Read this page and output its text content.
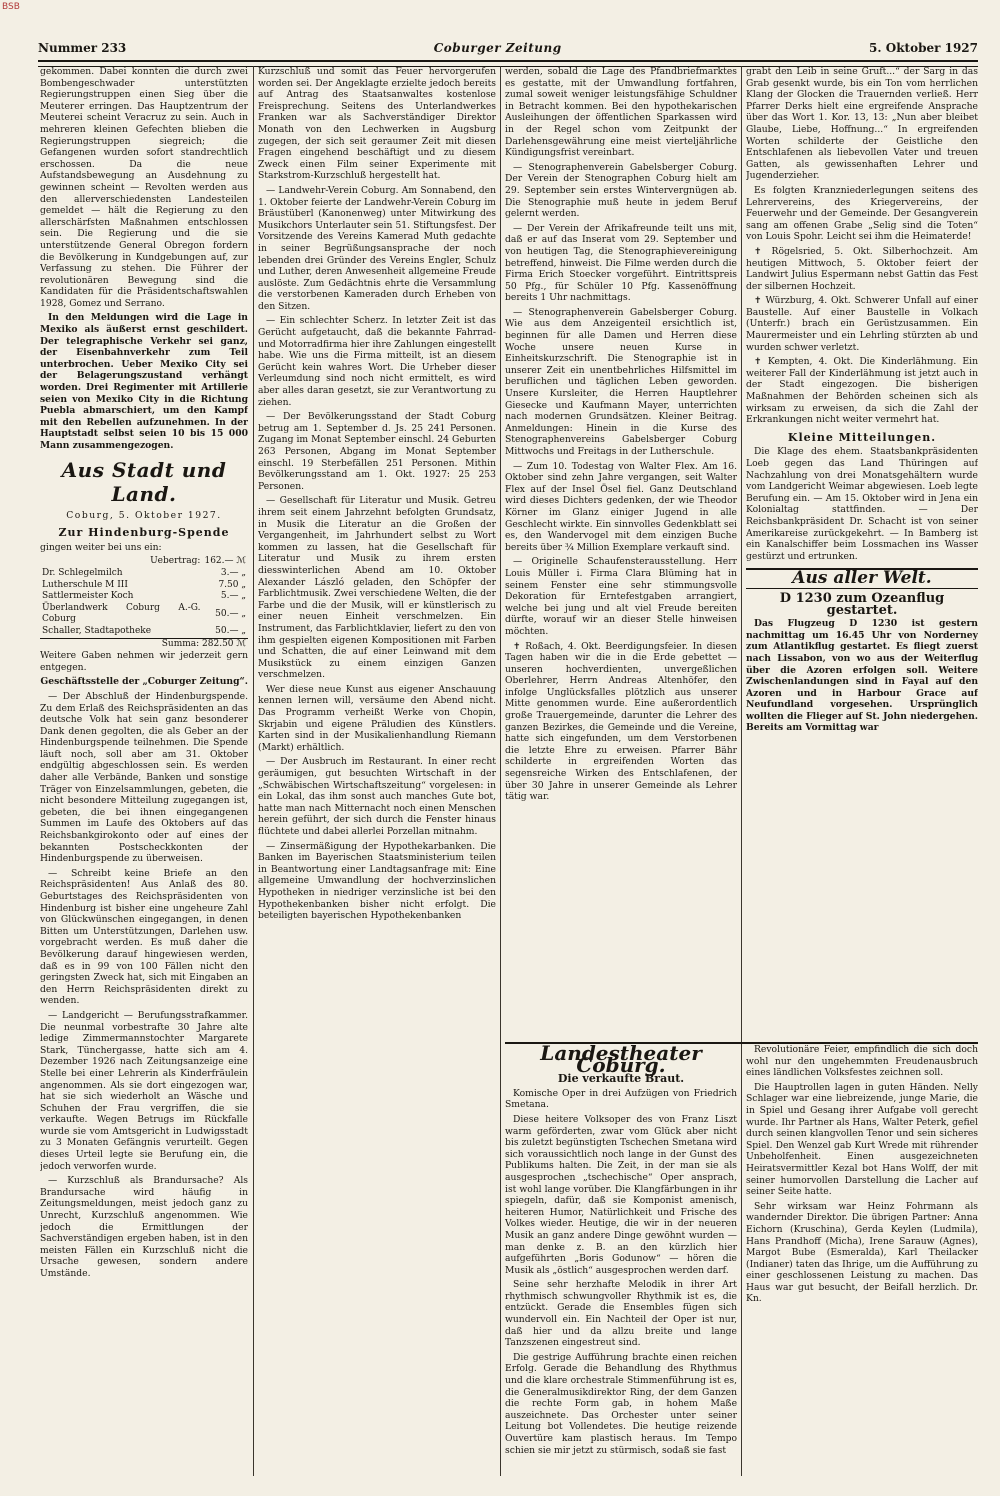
BSB
Nummer 233	Coburger Zeitung	5. Oktober 1927

gekommen. Dabei konnten die durch zwei Bombengeschwader unterstützten Regierungstruppen einen Sieg über die Meuterer erringen. Das Hauptzentrum der Meuterei scheint Veracruz zu sein. Auch in mehreren kleinen Gefechten blieben die Regierungstruppen siegreich; die Gefangenen wurden sofort standrechtlich erschossen. Da die neue Aufstandsbewegung an Ausdehnung zu gewinnen scheint — Revolten werden aus den allerverschiedensten Landesteilen gemeldet — hält die Regierung zu den allerschärfsten Maßnahmen entschlossen sein. Die Regierung und die sie unterstützende General Obregon fordern die Bevölkerung in Kundgebungen auf, zur Verfassung zu stehen. Die Führer der revolutionären Bewegung sind die Kandidaten für die Präsidentschaftswahlen 1928, Gomez und Serrano.

In den Meldungen wird die Lage in Mexiko als äußerst ernst geschildert. Der telegraphische Verkehr sei ganz, der Eisenbahnverkehr zum Teil unterbrochen. Ueber Mexiko City sei der Belagerungszustand verhängt worden. Drei Regimenter mit Artillerie seien von Mexiko City in die Richtung Puebla abmarschiert, um den Kampf mit den Rebellen aufzunehmen. In der Hauptstadt selbst seien 10 bis 15 000 Mann zusammengezogen.

Aus Stadt und Land.
Coburg, 5. Oktober 1927.
Zur Hindenburg-Spende

gingen weiter bei uns ein:

Uebertrag:	162.— ℳ
Dr. Schlegelmilch	3.— „
Lutherschule M III	7.50 „
Sattlermeister Koch	5.— „
Überlandwerk Coburg A.-G. Coburg	50.— „
Schaller, Stadtapotheke	50.— „
Summa: 282.50 ℳ	

Weitere Gaben nehmen wir jederzeit gern entgegen.

Geschäftsstelle der „Coburger Zeitung“.

— Der Abschluß der Hindenburgspende. Zu dem Erlaß des Reichspräsidenten an das deutsche Volk hat sein ganz besonderer Dank denen gegolten, die als Geber an der Hindenburgspende teilnehmen. Die Spende läuft noch, soll aber am 31. Oktober endgültig abgeschlossen sein. Es werden daher alle Verbände, Banken und sonstige Träger von Einzelsammlungen, gebeten, die nicht besondere Mitteilung zugegangen ist, gebeten, die bei ihnen eingegangenen Summen im Laufe des Oktobers auf das Reichsbankgirokonto oder auf eines der bekannten Postscheckkonten der Hindenburgspende zu überweisen.

— Schreibt keine Briefe an den Reichspräsidenten! Aus Anlaß des 80. Geburtstages des Reichspräsidenten von Hindenburg ist bisher eine ungeheure Zahl von Glückwünschen eingegangen, in denen Bitten um Unterstützungen, Darlehen usw. vorgebracht werden. Es muß daher die Bevölkerung darauf hingewiesen werden, daß es in 99 von 100 Fällen nicht den geringsten Zweck hat, sich mit Eingaben an den Herrn Reichspräsidenten direkt zu wenden.

— Landgericht — Berufungsstrafkammer. Die neunmal vorbestrafte 30 Jahre alte ledige Zimmermannstochter Margarete Stark, Tünchergasse, hatte sich am 4. Dezember 1926 nach Zeitungsanzeige eine Stelle bei einer Lehrerin als Kinderfräulein angenommen. Als sie dort eingezogen war, hat sie sich wiederholt an Wäsche und Schuhen der Frau vergriffen, die sie verkaufte. Wegen Betrugs im Rückfalle wurde sie vom Amtsgericht in Ludwigsstadt zu 3 Monaten Gefängnis verurteilt. Gegen dieses Urteil legte sie Berufung ein, die jedoch verworfen wurde.

— Kurzschluß als Brandursache? Als Brandursache wird häufig in Zeitungsmeldungen, meist jedoch ganz zu Unrecht, Kurzschluß angenommen. Wie jedoch die Ermittlungen der Sachverständigen ergeben haben, ist in den meisten Fällen ein Kurzschluß nicht die Ursache gewesen, sondern andere Umstände.

Kurzschluß und somit das Feuer hervorgerufen worden sei. Der Angeklagte erzielte jedoch bereits auf Antrag des Staatsanwaltes kostenlose Freisprechung. Seitens des Unterlandwerkes Franken war als Sachverständiger Direktor Monath von den Lechwerken in Augsburg zugegen, der sich seit geraumer Zeit mit diesen Fragen eingehend beschäftigt und zu diesem Zweck einen Film seiner Experimente mit Starkstrom-Kurzschluß hergestellt hat.

— Landwehr-Verein Coburg. Am Sonnabend, den 1. Oktober feierte der Landwehr-Verein Coburg im Bräustüberl (Kanonenweg) unter Mitwirkung des Musikchors Unterlauter sein 51. Stiftungsfest. Der Vorsitzende des Vereins Kamerad Muth gedachte in seiner Begrüßungsansprache der noch lebenden drei Gründer des Vereins Engler, Schulz und Luther, deren Anwesenheit allgemeine Freude auslöste. Zum Gedächtnis ehrte die Versammlung die verstorbenen Kameraden durch Erheben von den Sitzen.

— Ein schlechter Scherz. In letzter Zeit ist das Gerücht aufgetaucht, daß die bekannte Fahrrad- und Motorradfirma hier ihre Zahlungen eingestellt habe. Wie uns die Firma mitteilt, ist an diesem Gerücht kein wahres Wort. Die Urheber dieser Verleumdung sind noch nicht ermittelt, es wird aber alles daran gesetzt, sie zur Verantwortung zu ziehen.

— Der Bevölkerungsstand der Stadt Coburg betrug am 1. September d. Js. 25 241 Personen. Zugang im Monat September einschl. 24 Geburten 263 Personen, Abgang im Monat September einschl. 19 Sterbefällen 251 Personen. Mithin Bevölkerungsstand am 1. Okt. 1927: 25 253 Personen.

— Gesellschaft für Literatur und Musik. Getreu ihrem seit einem Jahrzehnt befolgten Grundsatz, in Musik die Literatur an die Großen der Vergangenheit, im Jahrhundert selbst zu Wort kommen zu lassen, hat die Gesellschaft für Literatur und Musik zu ihrem ersten diesswinterlichen Abend am 10. Oktober Alexander László geladen, den Schöpfer der Farblichtmusik. Zwei verschiedene Welten, die der Farbe und die der Musik, will er künstlerisch zu einer neuen Einheit verschmelzen. Ein Instrument, das Farblichtklavier, liefert zu den von ihm gespielten eigenen Kompositionen mit Farben und Schatten, die auf einer Leinwand mit dem Musikstück zu einem einzigen Ganzen verschmelzen.

Wer diese neue Kunst aus eigener Anschauung kennen lernen will, versäume den Abend nicht. Das Programm verheißt Werke von Chopin, Skrjabin und eigene Präludien des Künstlers. Karten sind in der Musikalienhandlung Riemann (Markt) erhältlich.

— Der Ausbruch im Restaurant. In einer recht geräumigen, gut besuchten Wirtschaft in der „Schwäbischen Wirtschaftszeitung“ vorgelesen: in ein Lokal, das ihm sonst auch manches Gute bot, hatte man nach Mitternacht noch einen Menschen herein geführt, der sich durch die Fenster hinaus flüchtete und dabei allerlei Porzellan mitnahm.

— Zinsermäßigung der Hypothekarbanken. Die Banken im Bayerischen Staatsministerium teilen in Beantwortung einer Landtagsanfrage mit: Eine allgemeine Umwandlung der hochverzinslichen Hypotheken in niedriger verzinsliche ist bei den Hypothekenbanken bisher nicht erfolgt. Die beteiligten bayerischen Hypothekenbanken

werden, sobald die Lage des Pfandbriefmarktes es gestatte, mit der Umwandlung fortfahren, zumal soweit weniger leistungsfähige Schuldner in Betracht kommen. Bei den hypothekarischen Ausleihungen der öffentlichen Sparkassen wird in der Regel schon vom Zeitpunkt der Darlehensgewährung eine meist vierteljährliche Kündigungsfrist vereinbart.

— Stenographenverein Gabelsberger Coburg. Der Verein der Stenographen Coburg hielt am 29. September sein erstes Wintervergnügen ab. Die Stenographie muß heute in jedem Beruf gelernt werden.

— Der Verein der Afrikafreunde teilt uns mit, daß er auf das Inserat vom 29. September und von heutigen Tag, die Stenographievereinigung betreffend, hinweist. Die Filme werden durch die Firma Erich Stoecker vorgeführt. Eintrittspreis 50 Pfg., für Schüler 10 Pfg. Kassenöffnung bereits 1 Uhr nachmittags.

— Stenographenverein Gabelsberger Coburg. Wie aus dem Anzeigenteil ersichtlich ist, beginnen für alle Damen und Herren diese Woche unsere neuen Kurse in Einheitskurzschrift. Die Stenographie ist in unserer Zeit ein unentbehrliches Hilfsmittel im beruflichen und täglichen Leben geworden. Unsere Kursleiter, die Herren Hauptlehrer Giesecke und Kaufmann Mayer, unterrichten nach modernen Grundsätzen. Kleiner Beitrag. Anmeldungen: Hinein in die Kurse des Stenographenvereins Gabelsberger Coburg Mittwochs und Freitags in der Lutherschule.

— Zum 10. Todestag von Walter Flex. Am 16. Oktober sind zehn Jahre vergangen, seit Walter Flex auf der Insel Ösel fiel. Ganz Deutschland wird dieses Dichters gedenken, der wie Theodor Körner im Glanz einiger Jugend in alle Geschlecht wirkte. Ein sinnvolles Gedenkblatt sei es, den Wandervogel mit dem einzigen Buche bereits über ¾ Million Exemplare verkauft sind.

— Originelle Schaufensterausstellung. Herr Louis Müller i. Firma Clara Blüming hat in seinem Fenster eine sehr stimmungsvolle Dekoration für Erntefestgaben arrangiert, welche bei jung und alt viel Freude bereiten dürfte, worauf wir an dieser Stelle hinweisen möchten.

✝ Roßach, 4. Okt. Beerdigungsfeier. In diesen Tagen haben wir die in die Erde gebettet — unseren hochverdienten, unvergeßlichen Oberlehrer, Herrn Andreas Altenhöfer, den infolge Unglücksfalles plötzlich aus unserer Mitte genommen wurde. Eine außerordentlich große Trauergemeinde, darunter die Lehrer des ganzen Bezirkes, die Gemeinde und die Vereine, hatte sich eingefunden, um dem Verstorbenen die letzte Ehre zu erweisen. Pfarrer Bähr schilderte in ergreifenden Worten das segensreiche Wirken des Entschlafenen, der über 30 Jahre in unserer Gemeinde als Lehrer tätig war.

grabt den Leib in seine Gruft...“ der Sarg in das Grab gesenkt wurde, bis ein Ton vom herrlichen Klang der Glocken die Trauernden verließ. Herr Pfarrer Derks hielt eine ergreifende Ansprache über das Wort 1. Kor. 13, 13: „Nun aber bleibet Glaube, Liebe, Hoffnung...“ In ergreifenden Worten schilderte der Geistliche den Entschlafenen als liebevollen Vater und treuen Gatten, als gewissenhaften Lehrer und Jugenderzieher.

Es folgten Kranzniederlegungen seitens des Lehrervereins, des Kriegervereins, der Feuerwehr und der Gemeinde. Der Gesangverein sang am offenen Grabe „Selig sind die Toten“ von Louis Spohr. Leicht sei ihm die Heimaterde!

✝ Rögelsried, 5. Okt. Silberhochzeit. Am heutigen Mittwoch, 5. Oktober feiert der Landwirt Julius Espermann nebst Gattin das Fest der silbernen Hochzeit.

✝ Würzburg, 4. Okt. Schwerer Unfall auf einer Baustelle. Auf einer Baustelle in Volkach (Unterfr.) brach ein Gerüstzusammen. Ein Maurermeister und ein Lehrling stürzten ab und wurden schwer verletzt.

✝ Kempten, 4. Okt. Die Kinderlähmung. Ein weiterer Fall der Kinderlähmung ist jetzt auch in der Stadt eingezogen. Die bisherigen Maßnahmen der Behörden scheinen sich als wirksam zu erweisen, da sich die Zahl der Erkrankungen nicht weiter vermehrt hat.

Kleine Mitteilungen.

Die Klage des ehem. Staatsbankpräsidenten Loeb gegen das Land Thüringen auf Nachzahlung von drei Monatsgehältern wurde vom Landgericht Weimar abgewiesen. Loeb legte Berufung ein. — Am 15. Oktober wird in Jena ein Kolonialtag stattfinden. — Der Reichsbankpräsident Dr. Schacht ist von seiner Amerikareise zurückgekehrt. — In Bamberg ist ein Kanalschiffer beim Lossmachen ins Wasser gestürzt und ertrunken.

Aus aller Welt.
D 1230 zum Ozeanflug gestartet.

Das Flugzeug D 1230 ist gestern nachmittag um 16.45 Uhr von Norderney zum Atlantikflug gestartet. Es fliegt zuerst nach Lissabon, von wo aus der Weiterflug über die Azoren erfolgen soll. Weitere Zwischenlandungen sind in Fayal auf den Azoren und in Harbour Grace auf Neufundland vorgesehen. Ursprünglich wollten die Flieger auf St. John niedergehen. Bereits am Vormittag war

Landestheater Coburg.
Die verkaufte Braut.

Komische Oper in drei Aufzügen von Friedrich Smetana.

Diese heitere Volksoper des von Franz Liszt warm geförderten, zwar vom Glück aber nicht bis zuletzt begünstigten Tschechen Smetana wird sich voraussichtlich noch lange in der Gunst des Publikums halten. Die Zeit, in der man sie als ausgesprochen „tschechische“ Oper ansprach, ist wohl lange vorüber. Die Klangfärbungen in ihr spiegeln, dafür, daß sie Komponist amenisch, heiteren Humor, Natürlichkeit und Frische des Volkes wieder. Heutige, die wir in der neueren Musik an ganz andere Dinge gewöhnt wurden — man denke z. B. an den kürzlich hier aufgeführten „Boris Godunow“ — hören die Musik als „östlich“ ausgesprochen werden darf.

Seine sehr herzhafte Melodik in ihrer Art rhythmisch schwungvoller Rhythmik ist es, die entzückt. Gerade die Ensembles fügen sich wundervoll ein. Ein Nachteil der Oper ist nur, daß hier und da allzu breite und lange Tanzszenen eingestreut sind.

Die gestrige Aufführung brachte einen reichen Erfolg. Gerade die Behandlung des Rhythmus und die klare orchestrale Stimmenführung ist es, die Generalmusikdirektor Ring, der dem Ganzen die rechte Form gab, in hohem Maße auszeichnete. Das Orchester unter seiner Leitung bot Vollendetes. Die heutige reizende Ouvertüre kam plastisch heraus. Im Tempo schien sie mir jetzt zu stürmisch, sodaß sie fast

Revolutionäre Feier, empfindlich die sich doch wohl nur den ungehemmten Freudenausbruch eines ländlichen Volksfestes zeichnen soll.

Die Hauptrollen lagen in guten Händen. Nelly Schlager war eine liebreizende, junge Marie, die in Spiel und Gesang ihrer Aufgabe voll gerecht wurde. Ihr Partner als Hans, Walter Peterk, gefiel durch seinen klangvollen Tenor und sein sicheres Spiel. Den Wenzel gab Kurt Wrede mit rührender Unbeholfenheit. Einen ausgezeichneten Heiratsvermittler Kezal bot Hans Wolff, der mit seiner humorvollen Darstellung die Lacher auf seiner Seite hatte.

Sehr wirksam war Heinz Fohrmann als wandernder Direktor. Die übrigen Partner: Anna Eichorn (Kruschina), Gerda Keylen (Ludmila), Hans Prandhoff (Micha), Irene Sarauw (Agnes), Margot Bube (Esmeralda), Karl Theilacker (Indianer) taten das Ihrige, um die Aufführung zu einer geschlossenen Leistung zu machen. Das Haus war gut besucht, der Beifall herzlich. Dr. Kn.
